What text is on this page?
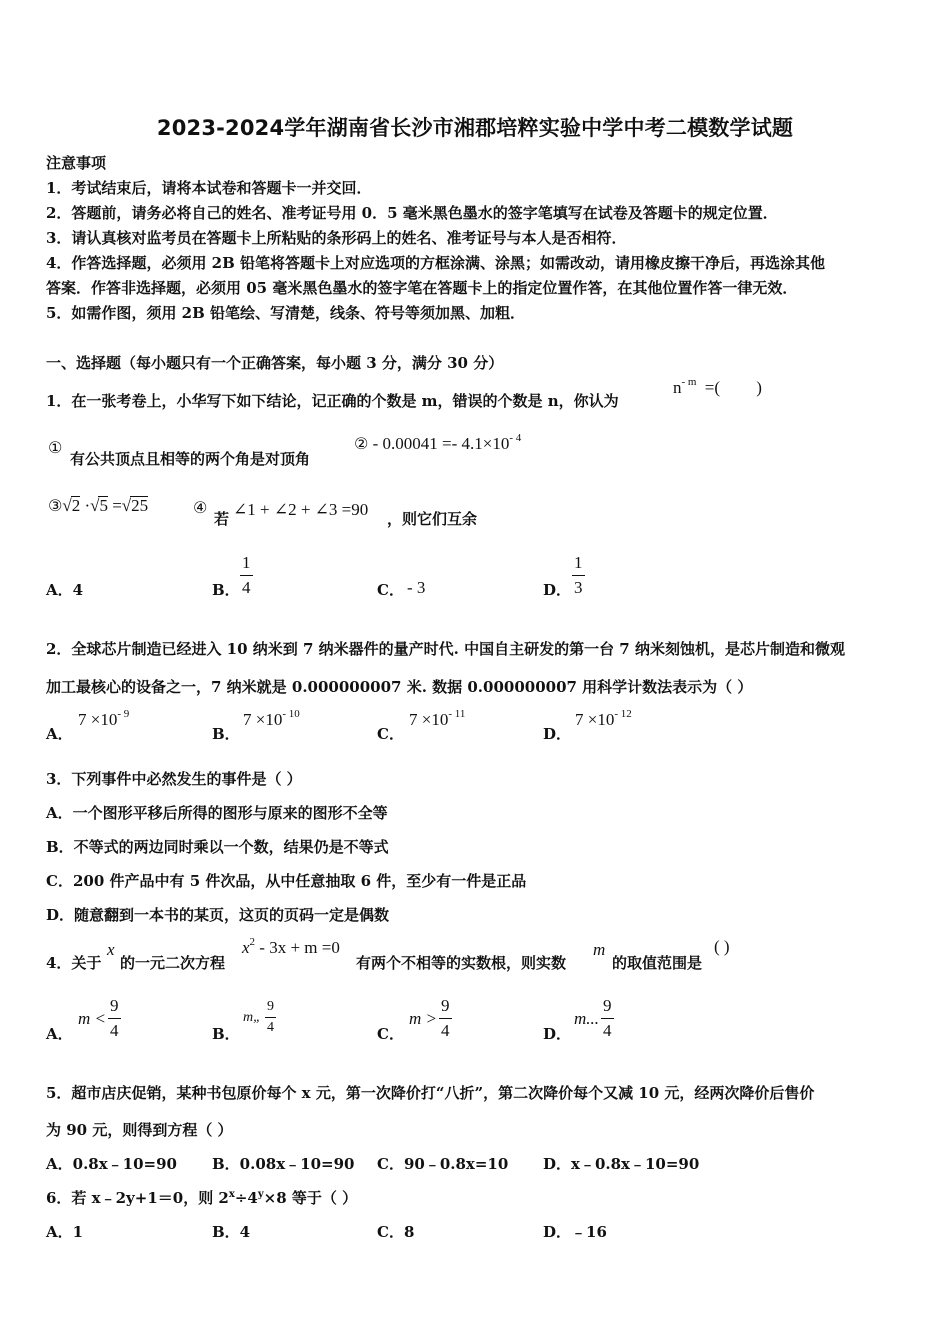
2023-2024学年湖南省长沙市湘郡培粹实验中学中考二模数学试题
注意事项
1．考试结束后，请将本试卷和答题卡一并交回．
2．答题前，请务必将自己的姓名、准考证号用 0．5 毫米黑色墨水的签字笔填写在试卷及答题卡的规定位置．
3．请认真核对监考员在答题卡上所粘贴的条形码上的姓名、准考证号与本人是否相符．
4．作答选择题，必须用 2B 铅笔将答题卡上对应选项的方框涂满、涂黑；如需改动，请用橡皮擦干净后，再选涂其他
答案．作答非选择题，必须用 05 毫米黑色墨水的签字笔在答题卡上的指定位置作答，在其他位置作答一律无效．
5．如需作图，须用 2B 铅笔绘、写清楚，线条、符号等须加黑、加粗．
一、选择题（每小题只有一个正确答案，每小题 3 分，满分 30 分）
1．在一张考卷上，小华写下如下结论，记正确的个数是 m，错误的个数是 n，你认为
$n^{- m}$ =( )
①
有公共顶点且相等的两个角是对顶角
② - $0.00041 =- 4.1\times 10^{- 4}$
③√2 ·√5 =√25	④
若 ∠1 + ∠2 + ∠3 =90 ，则它们互余
A．4	B．
1
4	C． - 3	D．
1
3
2．全球芯片制造已经进入 10 纳米到 7 纳米器件的量产时代. 中国自主研发的第一台 7 纳米刻蚀机，是芯片制造和微观
加工最核心的设备之一，7 纳米就是 0.000000007 米. 数据 0.000000007 用科学计数法表示为（ ）
A．
$7 \times 10^{- 9}$
B．
$7 \times 10^{- 10}$
C．
$7 \times 10^{- 11}$
D．
$7 \times 10^{- 12}$
3．下列事件中必然发生的事件是（ ）
A．一个图形平移后所得的图形与原来的图形不全等
B．不等式的两边同时乘以一个数，结果仍是不等式
C．200 件产品中有 5 件次品，从中任意抽取 6 件，至少有一件是正品
D．随意翻到一本书的某页，这页的页码一定是偶数
4．关于
x
的一元二次方程
$x^2 - 3x + m =0$
有两个不相等的实数根，则实数
m
的取值范围是
( )
A．
m <
9
4	B．
m„
9
4	C．
m >
9
4	D．
m...
9
4
5．超市店庆促销，某种书包原价每个 x 元，第一次降价打“八折”，第二次降价每个又减 10 元，经两次降价后售价
为 90 元，则得到方程（ ）
A．0.8x﹣10=90 B．0.08x﹣10=90 C．90﹣0.8x=10 D．x﹣0.8x﹣10=90
6．若 x﹣2y+1＝0，则 $2^x\div 4^y\times 8$ 等于（ ）
A．1	B．4	C．8	D．﹣16
